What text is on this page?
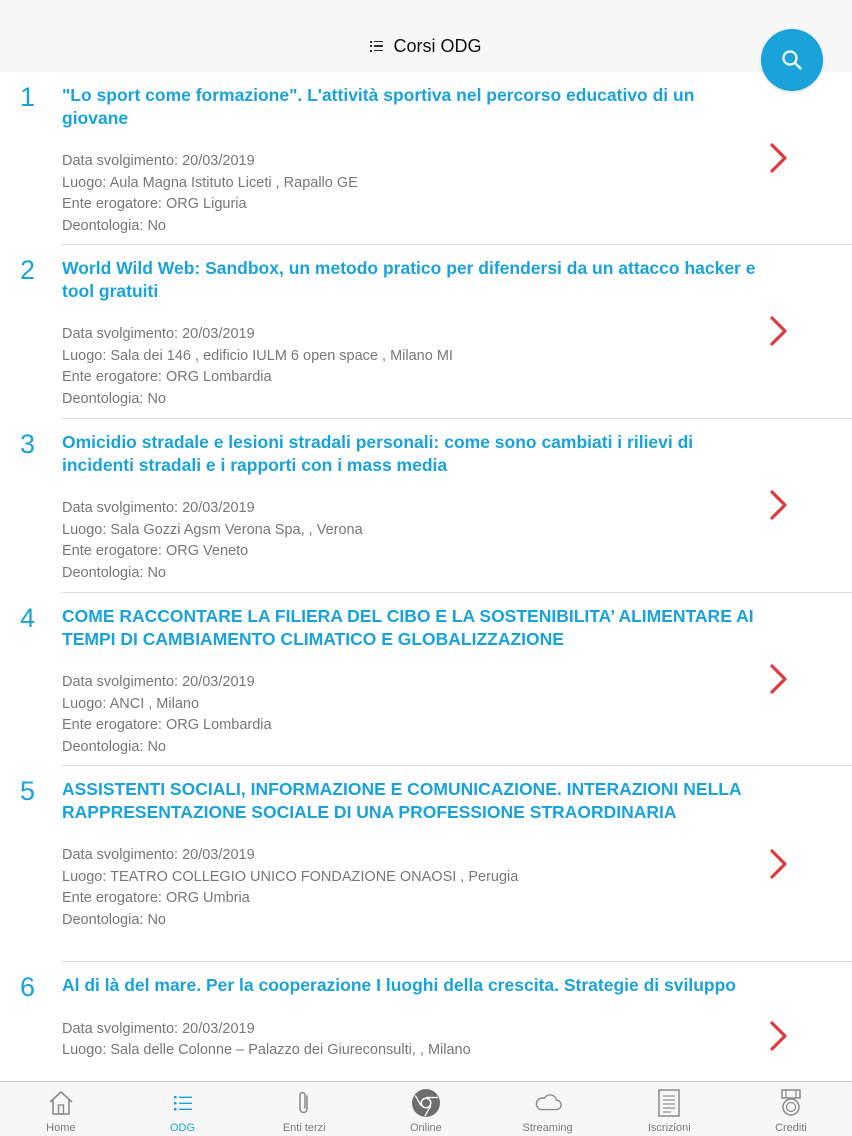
Corsi ODG
1	"Lo sport come formazione". L'attività sportiva nel percorso educativo di un giovane
Data svolgimento: 20/03/2019
Luogo: Aula Magna Istituto Liceti , Rapallo GE
Ente erogatore: ORG Liguria
Deontologia: No
2	World Wild Web: Sandbox, un metodo pratico per difendersi da un attacco hacker e tool gratuiti
Data svolgimento: 20/03/2019
Luogo: Sala dei 146 , edificio IULM 6 open space , Milano MI
Ente erogatore: ORG Lombardia
Deontologia: No
3	Omicidio stradale e lesioni stradali personali: come sono cambiati i rilievi di incidenti stradali e i rapporti con i mass media
Data svolgimento: 20/03/2019
Luogo: Sala Gozzi Agsm Verona Spa, , Verona
Ente erogatore: ORG Veneto
Deontologia: No
4	COME RACCONTARE LA FILIERA DEL CIBO E LA SOSTENIBILITA’ ALIMENTARE AI TEMPI DI CAMBIAMENTO CLIMATICO E GLOBALIZZAZIONE
Data svolgimento: 20/03/2019
Luogo: ANCI , Milano
Ente erogatore: ORG Lombardia
Deontologia: No
5	ASSISTENTI SOCIALI, INFORMAZIONE E COMUNICAZIONE. INTERAZIONI NELLA RAPPRESENTAZIONE SOCIALE DI UNA PROFESSIONE STRAORDINARIA
Data svolgimento: 20/03/2019
Luogo: TEATRO COLLEGIO UNICO FONDAZIONE ONAOSI , Perugia
Ente erogatore: ORG Umbria
Deontologia: No
6	Al di là del mare. Per la cooperazione I luoghi della crescita. Strategie di sviluppo
Data svolgimento: 20/03/2019
Luogo: Sala delle Colonne – Palazzo dei Giureconsulti, , Milano
Home	ODG	Enti terzi	Online	Streaming	Iscrizioni	Crediti
